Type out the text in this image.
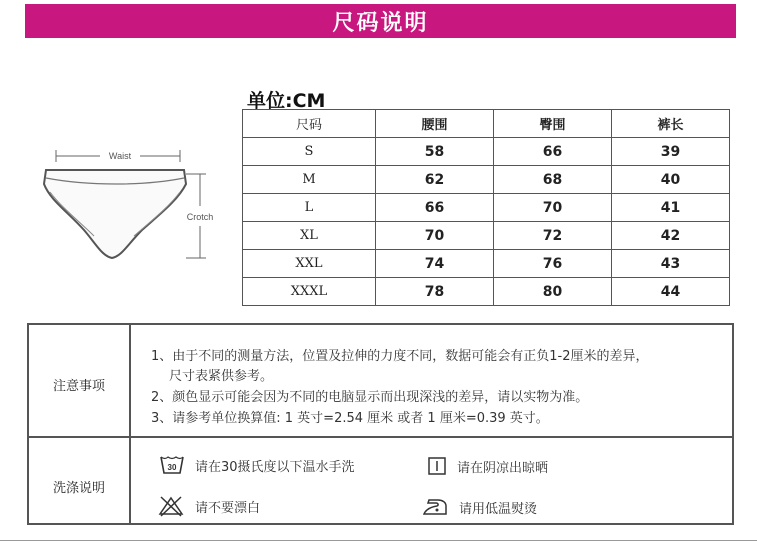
尺码说明
Waist
Crotch
单位:CM
尺码	腰围	臀围	裤长
S	58	66	39
M	62	68	40
L	66	70	41
XL	70	72	42
XXL	74	76	43
XXXL	78	80	44
注意事项
1、由于不同的测量方法，位置及拉伸的力度不同，数据可能会有正负1-2厘米的差异，
尺寸表紧供参考。
2、颜色显示可能会因为不同的电脑显示而出现深浅的差异，请以实物为准。
3、请参考单位换算值: 1 英寸=2.54 厘米 或者 1 厘米=0.39 英寸。
洗涤说明
30 请在30摄氏度以下温水手洗	请在阴凉出晾晒
请不要漂白	请用低温熨烫
